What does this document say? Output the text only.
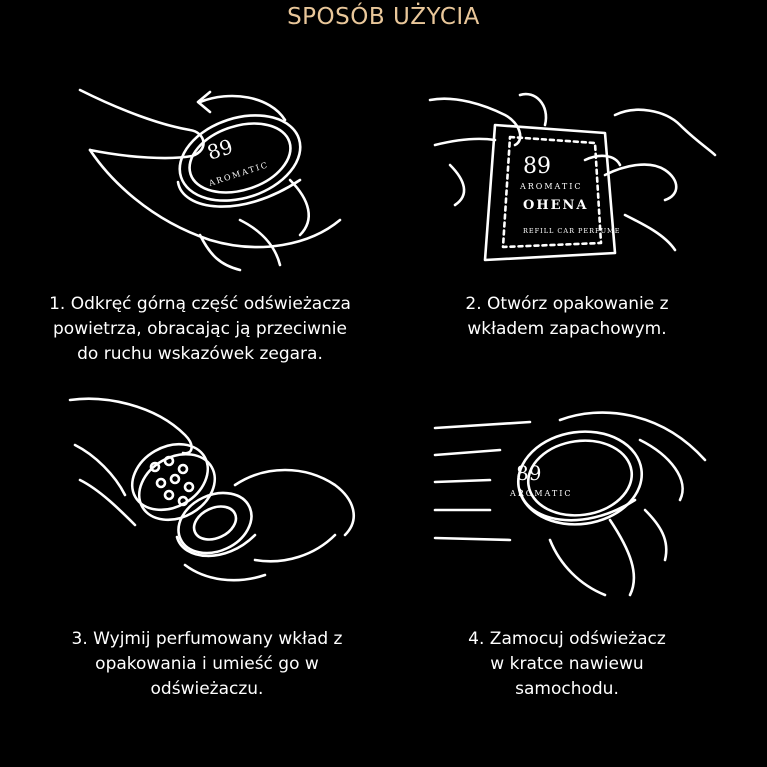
SPOSÓB UŻYCIA
89
AROMATIC	89
AROMATIC
OHENA
REFILL CAR PERFUME
89
AROMATIC
1. Odkręć górną część odświeżacza
powietrza, obracając ją przeciwnie
do ruchu wskazówek zegara.
2. Otwórz opakowanie z
wkładem zapachowym.
3. Wyjmij perfumowany wkład z
opakowania i umieść go w
odświeżaczu.
4. Zamocuj odświeżacz
w kratce nawiewu
samochodu.
